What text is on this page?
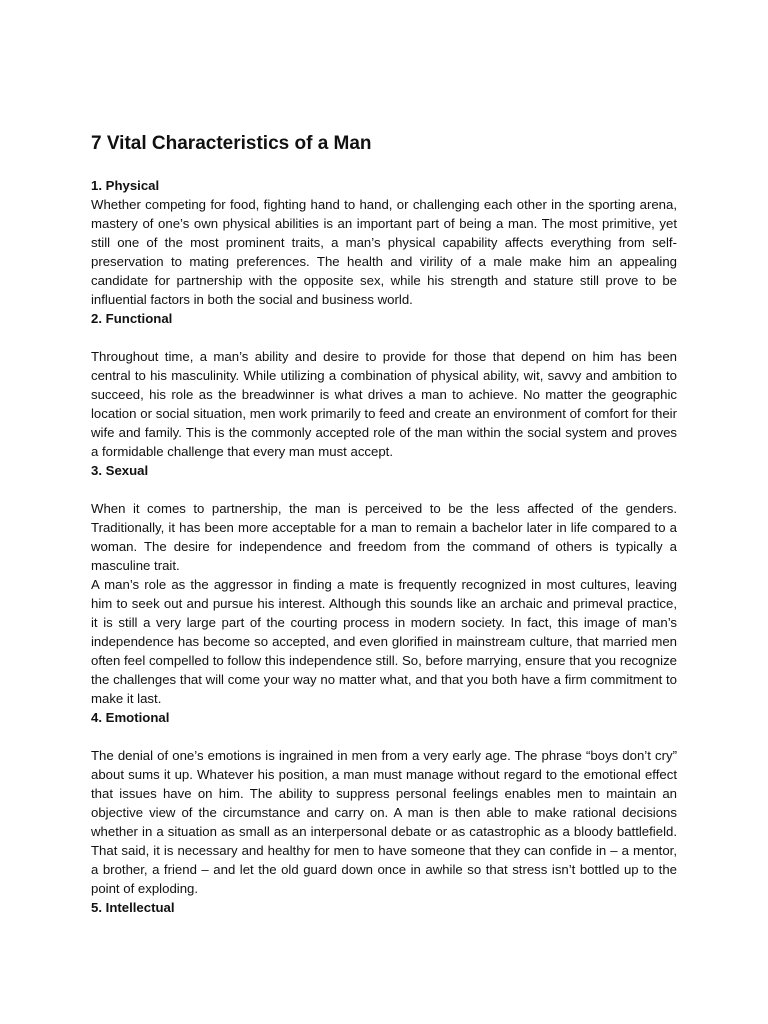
7 Vital Characteristics of a Man
1. Physical

Whether competing for food, fighting hand to hand, or challenging each other in the sporting arena, mastery of one’s own physical abilities is an important part of being a man. The most primitive, yet still one of the most prominent traits, a man’s physical capability affects everything from self-preservation to mating preferences. The health and virility of a male make him an appealing candidate for partnership with the opposite sex, while his strength and stature still prove to be influential factors in both the social and business world.

2. Functional

Throughout time, a man’s ability and desire to provide for those that depend on him has been central to his masculinity. While utilizing a combination of physical ability, wit, savvy and ambition to succeed, his role as the breadwinner is what drives a man to achieve. No matter the geographic location or social situation, men work primarily to feed and create an environment of comfort for their wife and family. This is the commonly accepted role of the man within the social system and proves a formidable challenge that every man must accept.

3. Sexual

When it comes to partnership, the man is perceived to be the less affected of the genders. Traditionally, it has been more acceptable for a man to remain a bachelor later in life compared to a woman. The desire for independence and freedom from the command of others is typically a masculine trait.

A man’s role as the aggressor in finding a mate is frequently recognized in most cultures, leaving him to seek out and pursue his interest. Although this sounds like an archaic and primeval practice, it is still a very large part of the courting process in modern society. In fact, this image of man’s independence has become so accepted, and even glorified in mainstream culture, that married men often feel compelled to follow this independence still. So, before marrying, ensure that you recognize the challenges that will come your way no matter what, and that you both have a firm commitment to make it last.

4. Emotional

The denial of one’s emotions is ingrained in men from a very early age. The phrase “boys don’t cry” about sums it up. Whatever his position, a man must manage without regard to the emotional effect that issues have on him. The ability to suppress personal feelings enables men to maintain an objective view of the circumstance and carry on. A man is then able to make rational decisions whether in a situation as small as an interpersonal debate or as catastrophic as a bloody battlefield. That said, it is necessary and healthy for men to have someone that they can confide in – a mentor, a brother, a friend – and let the old guard down once in awhile so that stress isn’t bottled up to the point of exploding.

5. Intellectual
